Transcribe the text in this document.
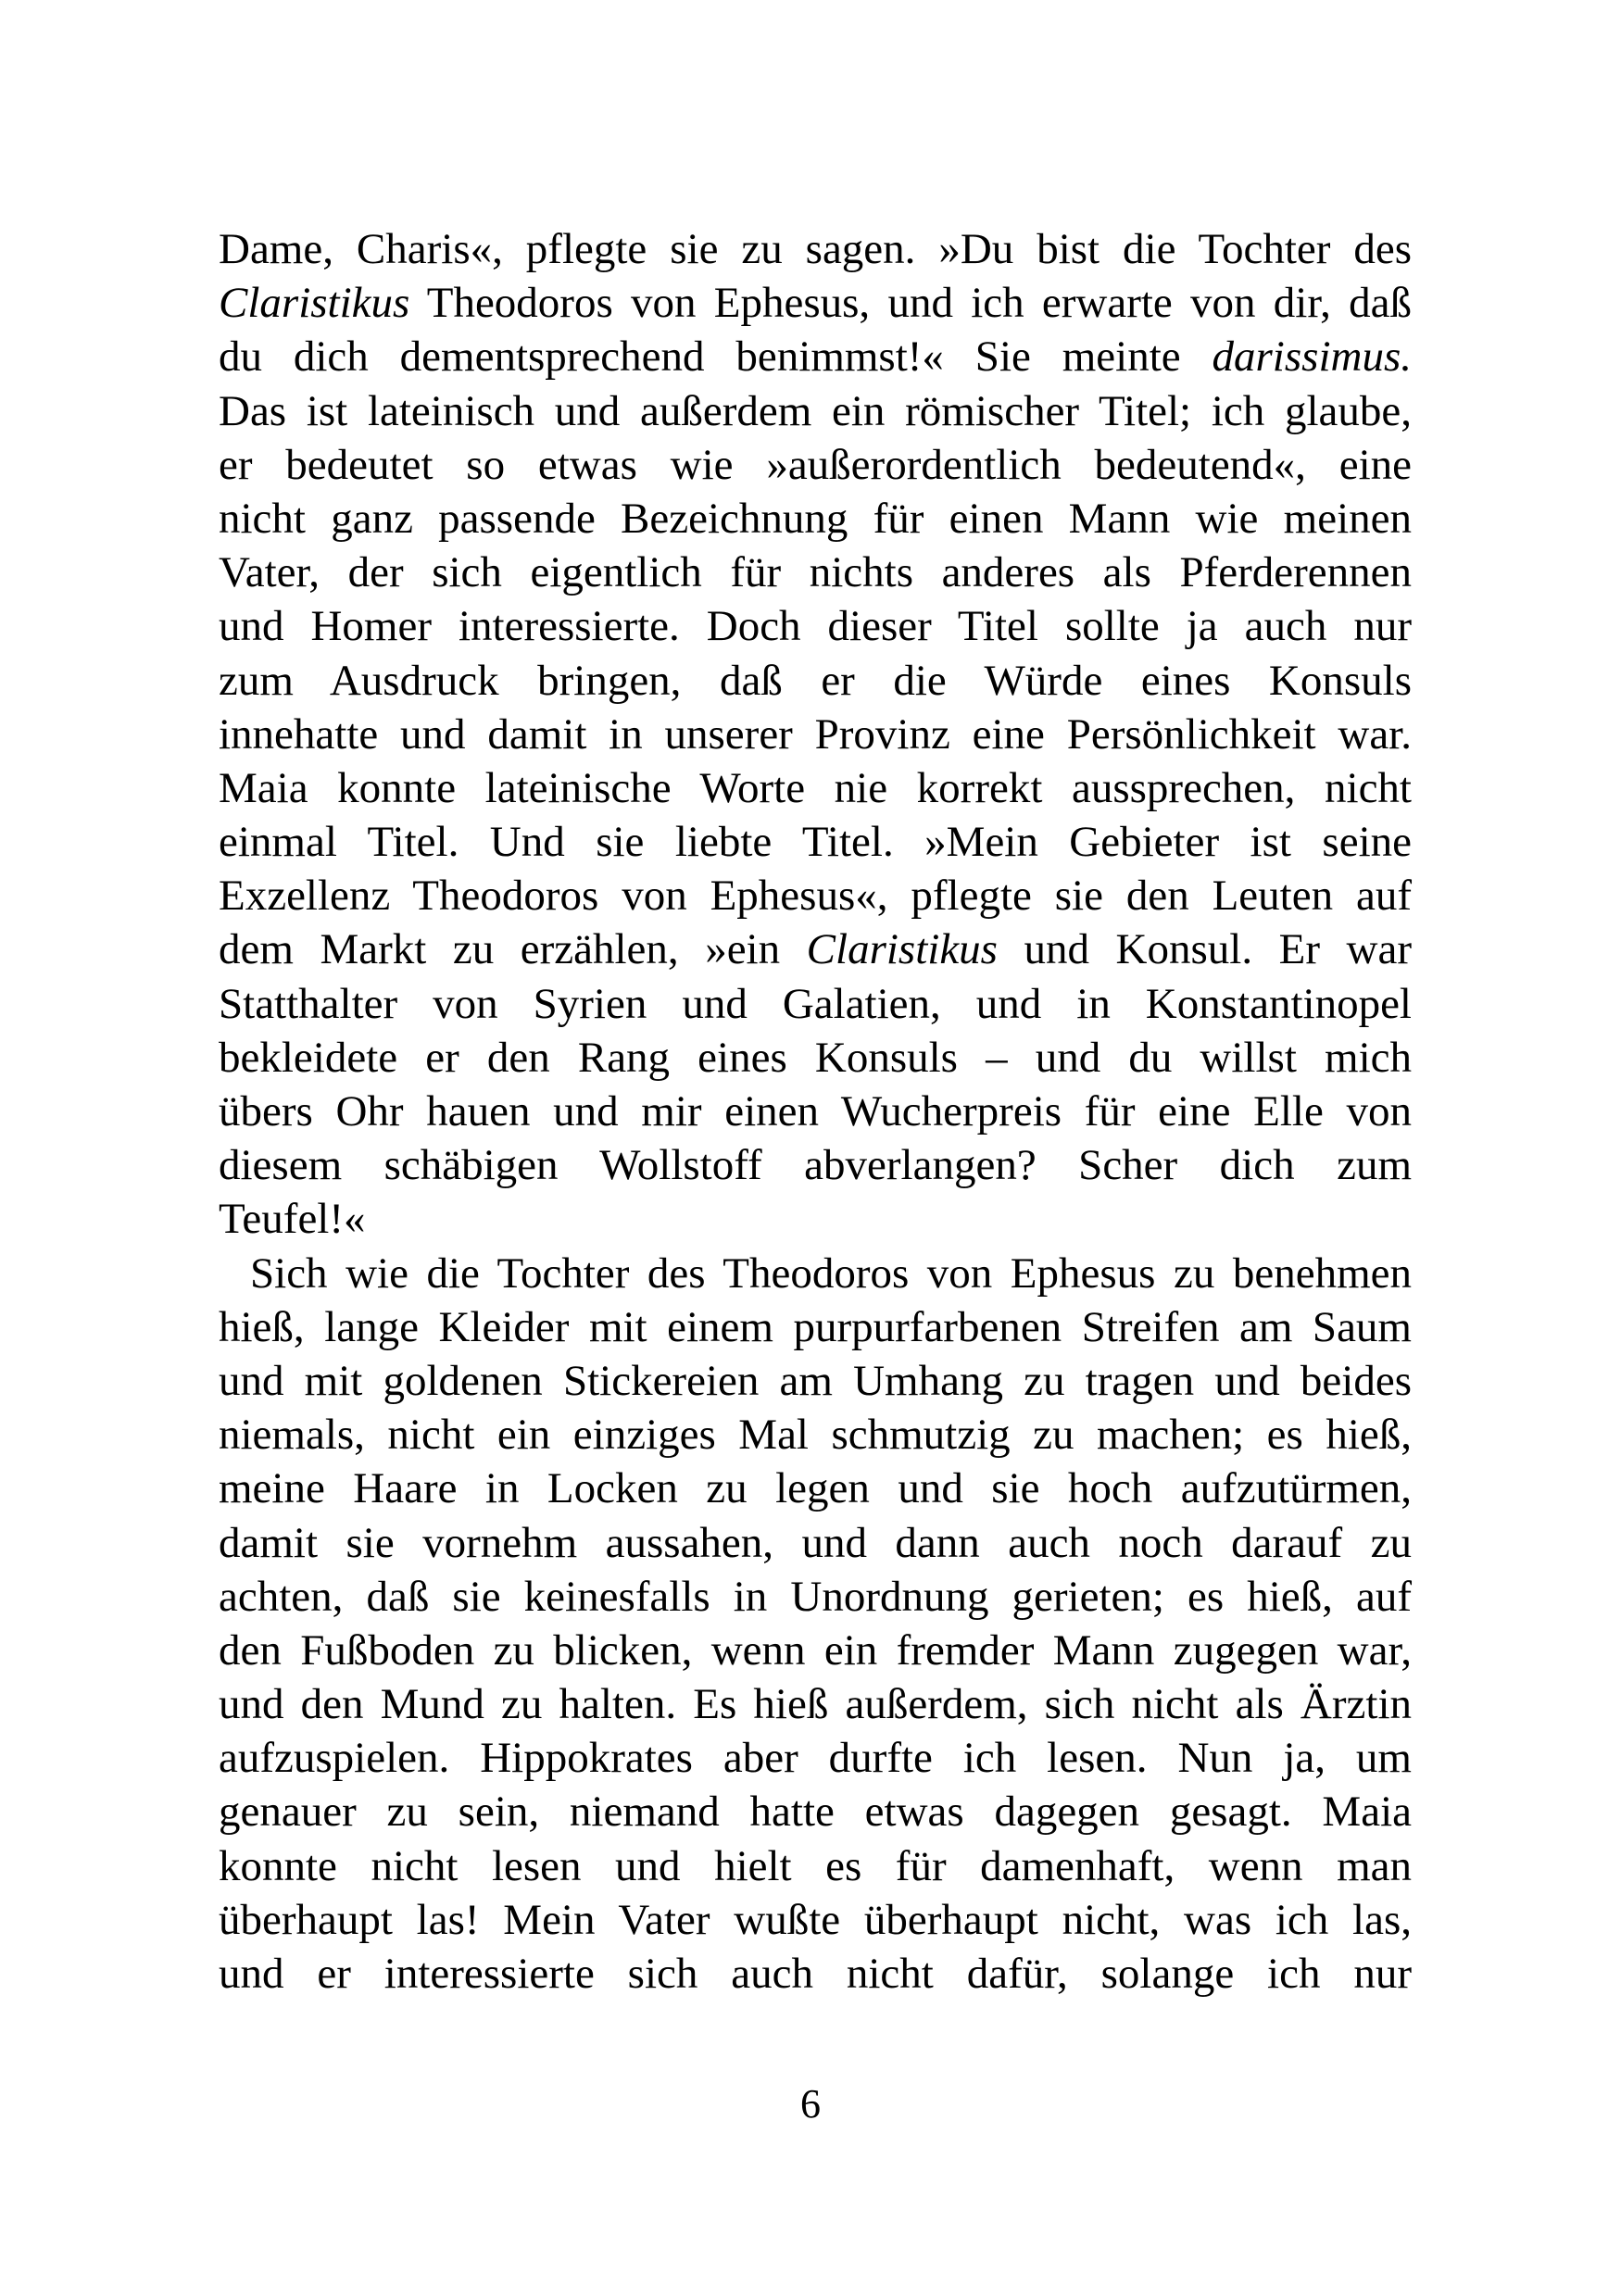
Dame, Charis«, pflegte sie zu sagen. »Du bist die Tochter des
Claristikus Theodoros von Ephesus, und ich erwarte von dir, daß
du dich dementsprechend benimmst!« Sie meinte darissimus.
Das ist lateinisch und außerdem ein römischer Titel; ich glaube,
er bedeutet so etwas wie »außerordentlich bedeutend«, eine
nicht ganz passende Bezeichnung für einen Mann wie meinen
Vater, der sich eigentlich für nichts anderes als Pferderennen
und Homer interessierte. Doch dieser Titel sollte ja auch nur
zum Ausdruck bringen, daß er die Würde eines Konsuls
innehatte und damit in unserer Provinz eine Persönlichkeit war.
Maia konnte lateinische Worte nie korrekt aussprechen, nicht
einmal Titel. Und sie liebte Titel. »Mein Gebieter ist seine
Exzellenz Theodoros von Ephesus«, pflegte sie den Leuten auf
dem Markt zu erzählen, »ein Claristikus und Konsul. Er war
Statthalter von Syrien und Galatien, und in Konstantinopel
bekleidete er den Rang eines Konsuls – und du willst mich
übers Ohr hauen und mir einen Wucherpreis für eine Elle von
diesem schäbigen Wollstoff abverlangen? Scher dich zum
Teufel!«
Sich wie die Tochter des Theodoros von Ephesus zu benehmen
hieß, lange Kleider mit einem purpurfarbenen Streifen am Saum
und mit goldenen Stickereien am Umhang zu tragen und beides
niemals, nicht ein einziges Mal schmutzig zu machen; es hieß,
meine Haare in Locken zu legen und sie hoch aufzutürmen,
damit sie vornehm aussahen, und dann auch noch darauf zu
achten, daß sie keinesfalls in Unordnung gerieten; es hieß, auf
den Fußboden zu blicken, wenn ein fremder Mann zugegen war,
und den Mund zu halten. Es hieß außerdem, sich nicht als Ärztin
aufzuspielen. Hippokrates aber durfte ich lesen. Nun ja, um
genauer zu sein, niemand hatte etwas dagegen gesagt. Maia
konnte nicht lesen und hielt es für damenhaft, wenn man
überhaupt las! Mein Vater wußte überhaupt nicht, was ich las,
und er interessierte sich auch nicht dafür, solange ich nur
6
